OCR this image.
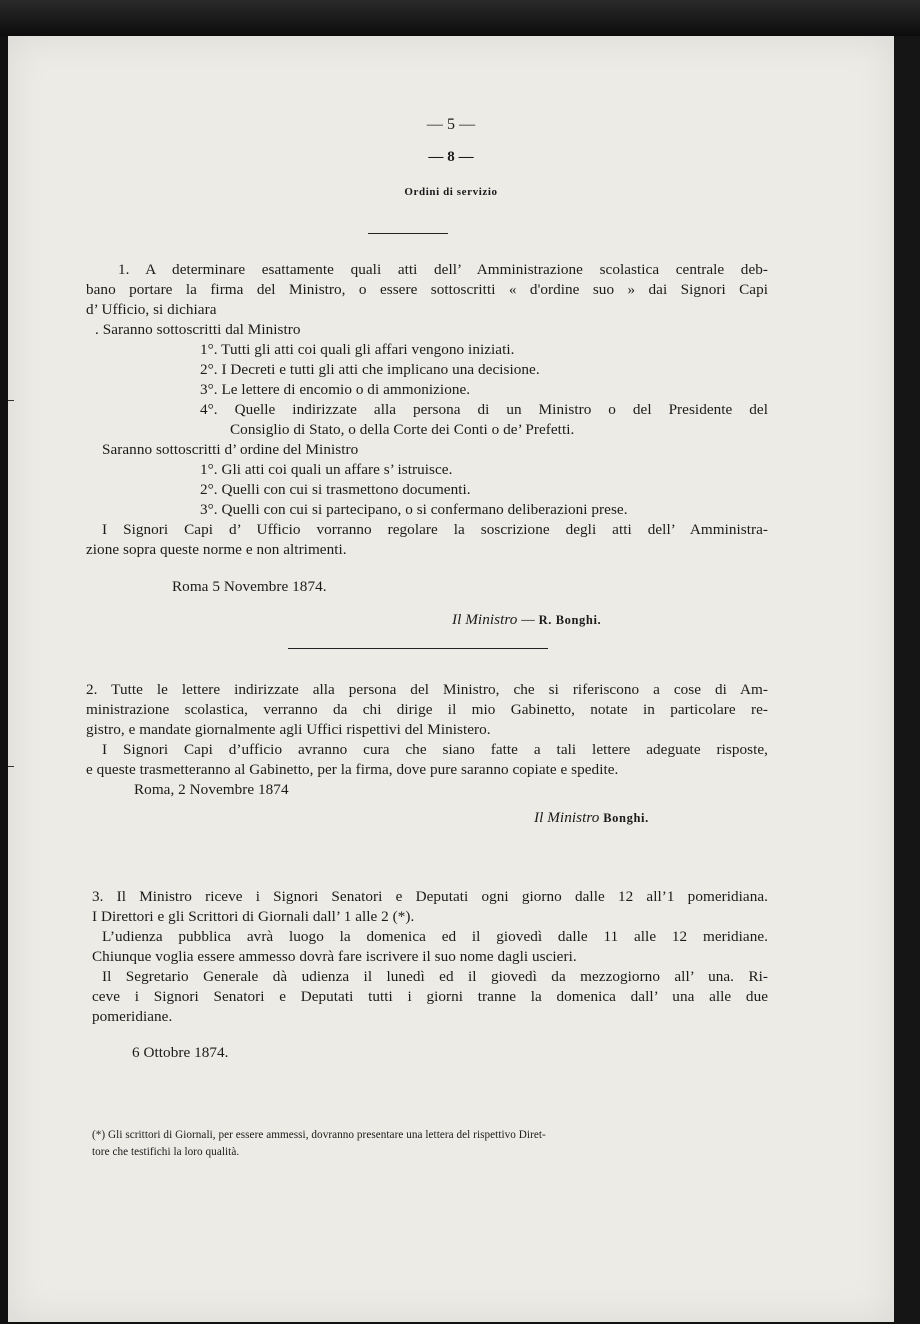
— 5 —
— 8 —
Ordini di servizio
1. A determinare esattamente quali atti dell’ Amministrazione scolastica centrale deb-
bano portare la firma del Ministro, o essere sottoscritti « d'ordine suo » dai Signori Capi
d’ Ufficio, si dichiara
. Saranno sottoscritti dal Ministro
1°. Tutti gli atti coi quali gli affari vengono iniziati.
2°. I Decreti e tutti gli atti che implicano una decisione.
3°. Le lettere di encomio o di ammonizione.
4°. Quelle indirizzate alla persona di un Ministro o del Presidente del
Consiglio di Stato, o della Corte dei Conti o de’ Prefetti.
Saranno sottoscritti d’ ordine del Ministro
1°. Gli atti coi quali un affare s’ istruisce.
2°. Quelli con cui si trasmettono documenti.
3°. Quelli con cui si partecipano, o si confermano deliberazioni prese.
I Signori Capi d’ Ufficio vorranno regolare la soscrizione degli atti dell’ Amministra-
zione sopra queste norme e non altrimenti.
Roma 5 Novembre 1874.
Il Ministro — R. Bonghi.
2. Tutte le lettere indirizzate alla persona del Ministro, che si riferiscono a cose di Am-
ministrazione scolastica, verranno da chi dirige il mio Gabinetto, notate in particolare re-
gistro, e mandate giornalmente agli Uffici rispettivi del Ministero.
I Signori Capi d’ufficio avranno cura che siano fatte a tali lettere adeguate risposte,
e queste trasmetteranno al Gabinetto, per la firma, dove pure saranno copiate e spedite.
Roma, 2 Novembre 1874
Il Ministro Bonghi.
3. Il Ministro riceve i Signori Senatori e Deputati ogni giorno dalle 12 all’1 pomeridiana.
I Direttori e gli Scrittori di Giornali dall’ 1 alle 2 (*).
L’udienza pubblica avrà luogo la domenica ed il giovedì dalle 11 alle 12 meridiane.
Chiunque voglia essere ammesso dovrà fare iscrivere il suo nome dagli uscieri.
Il Segretario Generale dà udienza il lunedì ed il giovedì da mezzogiorno all’ una. Ri-
ceve i Signori Senatori e Deputati tutti i giorni tranne la domenica dall’ una alle due
pomeridiane.
6 Ottobre 1874.
(*) Gli scrittori di Giornali, per essere ammessi, dovranno presentare una lettera del rispettivo Diret-
tore che testifichi la loro qualità.
